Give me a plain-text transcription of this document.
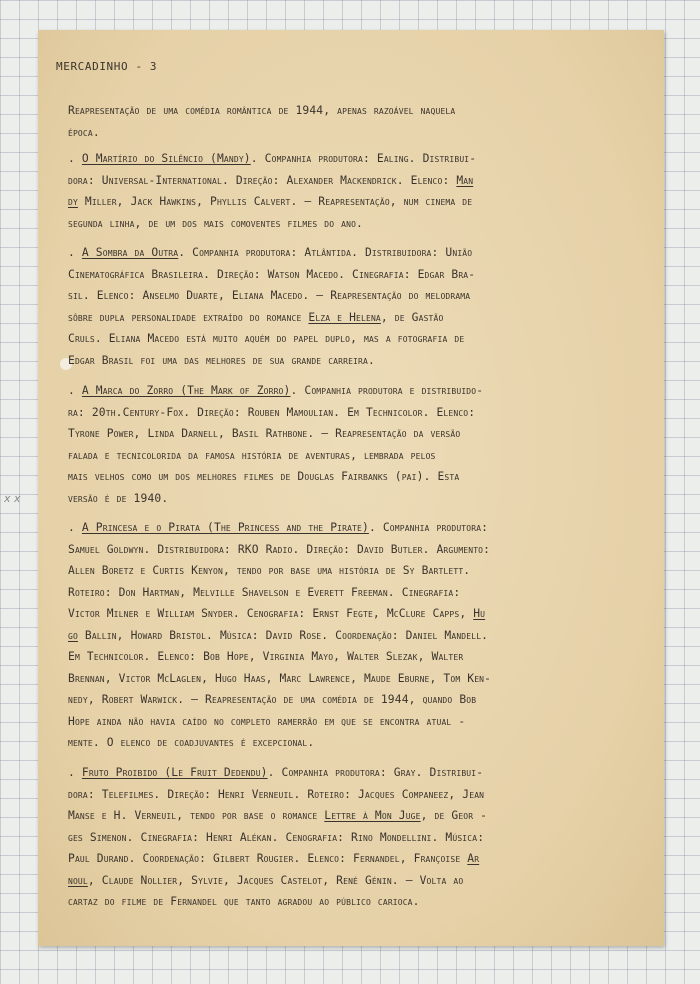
MERCADINHO - 3
Reapresentação de uma comédia romântica de 1944, apenas razoável naquela
época.
. O Martírio do Silêncio (Mandy). Companhia produtora: Ealing. Distribui-
dora: Universal-International. Direção: Alexander Mackendrick. Elenco: Man
dy Miller, Jack Hawkins, Phyllis Calvert. — Reapresentação, num cinema de
segunda linha, de um dos mais comoventes filmes do ano.
. A Sombra da Outra. Companhia produtora: Atlântida. Distribuidora: União
Cinematográfica Brasileira. Direção: Watson Macedo. Cinegrafia: Edgar Bra-
sil. Elenco: Anselmo Duarte, Eliana Macedo. — Reapresentação do melodrama
sôbre dupla personalidade extraído do romance Elza e Helena, de Gastão
Cruls. Eliana Macedo está muito aquém do papel duplo, mas a fotografia de
Edgar Brasil foi uma das melhores de sua grande carreira.
. A Marca do Zorro (The Mark of Zorro). Companhia produtora e distribuido-
ra: 20th.Century-Fox. Direção: Rouben Mamoulian. Em Technicolor. Elenco:
Tyrone Power, Linda Darnell, Basil Rathbone. — Reapresentação da versão
falada e tecnicolorida da famosa história de aventuras, lembrada pelos
mais velhos como um dos melhores filmes de Douglas Fairbanks (pai). Esta
versão é de 1940.
. A Princesa e o Pirata (The Princess and the Pirate). Companhia produtora:
Samuel Goldwyn. Distribuidora: RKO Radio. Direção: David Butler. Argumento:
Allen Boretz e Curtis Kenyon, tendo por base uma história de Sy Bartlett.
Roteiro: Don Hartman, Melville Shavelson e Everett Freeman. Cinegrafia:
Victor Milner e William Snyder. Cenografia: Ernst Fegte, McClure Capps, Hu
go Ballin, Howard Bristol. Música: David Rose. Coordenação: Daniel Mandell.
Em Technicolor. Elenco: Bob Hope, Virginia Mayo, Walter Slezak, Walter
Brennan, Victor McLaglen, Hugo Haas, Marc Lawrence, Maude Eburne, Tom Ken-
nedy, Robert Warwick. — Reapresentação de uma comédia de 1944, quando Bob
Hope ainda não havia caído no completo ramerrão em que se encontra atual -
mente. O elenco de coadjuvantes é excepcional.
. Fruto Proibido (Le Fruit Dedendu). Companhia produtora: Gray. Distribui-
dora: Telefilmes. Direção: Henri Verneuil. Roteiro: Jacques Companeez, Jean
Manse e H. Verneuil, tendo por base o romance Lettre à Mon Juge, de Geor -
ges Simenon. Cinegrafia: Henri Alékan. Cenografia: Rino Mondellini. Música:
Paul Durand. Coordenação: Gilbert Rougier. Elenco: Fernandel, Françoise Ar
noul, Claude Nollier, Sylvie, Jacques Castelot, René Génin. — Volta ao
cartaz do filme de Fernandel que tanto agradou ao público carioca.
x x
